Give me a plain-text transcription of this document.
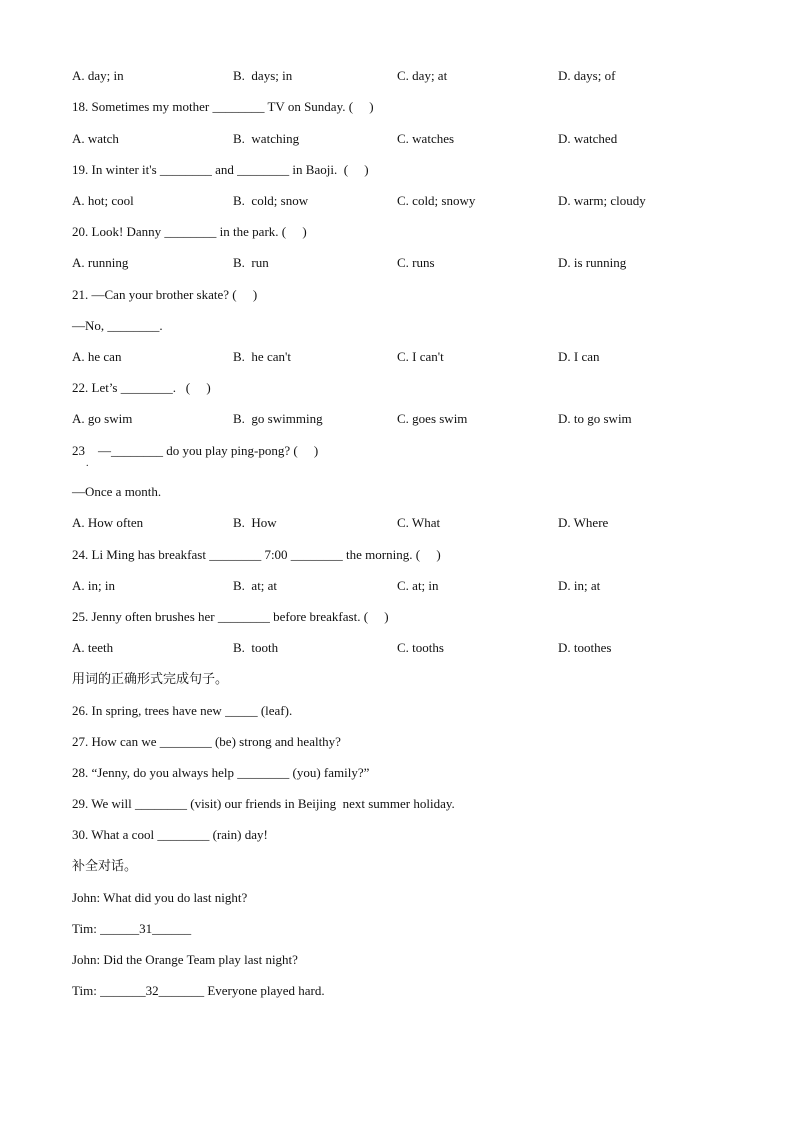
A. day; in	B.  days; in	C. day; at	D. days; of
18. Sometimes my mother ________ TV on Sunday. (     )
A. watch	B.  watching	C. watches	D. watched
19. In winter it's ________ and ________ in Baoji.  (     )
A. hot; cool	B.  cold; snow	C. cold; snowy	D. warm; cloudy
20. Look! Danny ________ in the park. (     )
A. running	B.  run	C. runs	D. is running
21. —Can your brother skate? (     )
—No, ________.
A. he can	B.  he can't	C. I can't	D. I can
22. Let’s ________.   (     )
A. go swim	B.  go swimming	C. goes swim	D. to go swim
23    —________ do you play ping-pong? (     )
.
—Once a month.
A. How often	B.  How	C. What	D. Where
24. Li Ming has breakfast ________ 7:00 ________ the morning. (     )
A. in; in	B.  at; at	C. at; in	D. in; at
25. Jenny often brushes her ________ before breakfast. (     )
A. teeth	B.  tooth	C. tooths	D. toothes
用词的正确形式完成句子。
26. In spring, trees have new _____ (leaf).
27. How can we ________ (be) strong and healthy?
28. “Jenny, do you always help ________ (you) family?”
29. We will ________ (visit) our friends in Beijing  next summer holiday.
30. What a cool ________ (rain) day!
补全对话。
John: What did you do last night?
Tim: ______31______
John: Did the Orange Team play last night?
Tim: _______32_______ Everyone played hard.
